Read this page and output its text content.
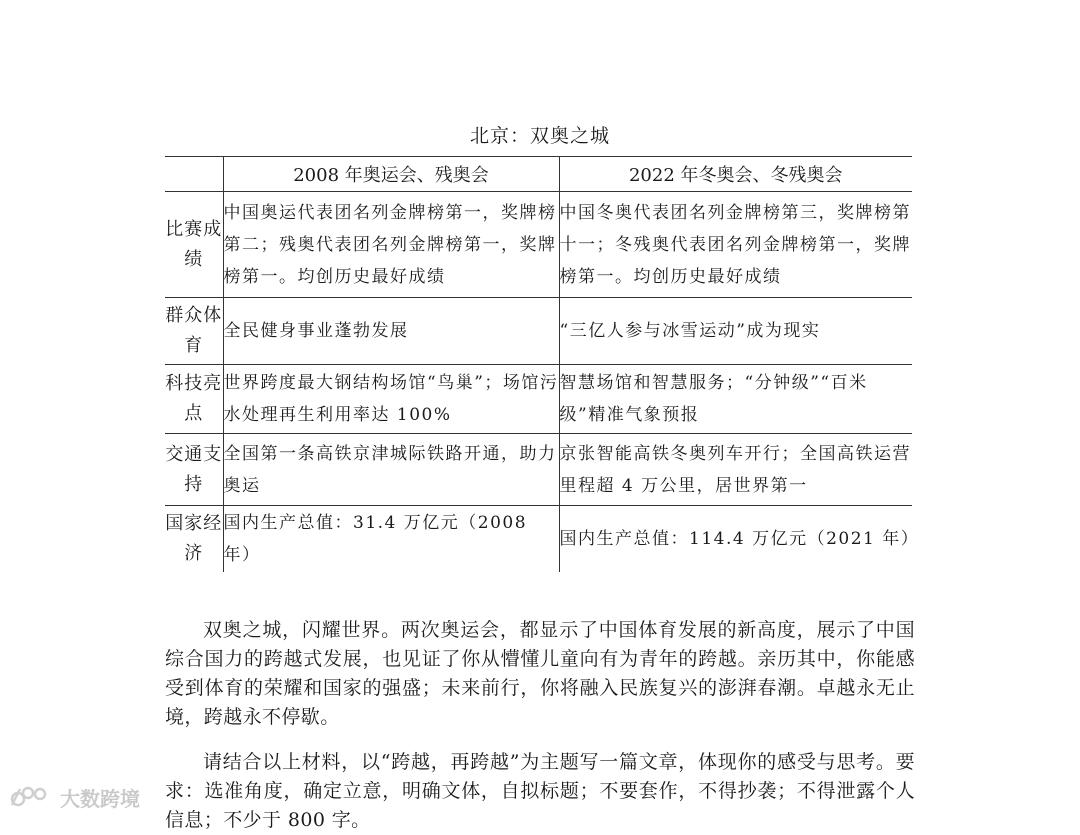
北京：双奥之城
	2008 年奥运会、残奥会	2022 年冬奥会、冬残奥会
比赛成绩	中国奥运代表团名列金牌榜第一，奖牌榜第二；残奥代表团名列金牌榜第一，奖牌榜第一。均创历史最好成绩	中国冬奥代表团名列金牌榜第三，奖牌榜第十一；冬残奥代表团名列金牌榜第一，奖牌榜第一。均创历史最好成绩
群众体育	全民健身事业蓬勃发展	“三亿人参与冰雪运动”成为现实
科技亮点	世界跨度最大钢结构场馆“鸟巢”；场馆污水处理再生利用率达 100%	智慧场馆和智慧服务；“分钟级”“百米级”精准气象预报
交通支持	全国第一条高铁京津城际铁路开通，助力奥运	京张智能高铁冬奥列车开行；全国高铁运营里程超 4 万公里，居世界第一
国家经济	国内生产总值：31.4 万亿元（2008 年）	国内生产总值：114.4 万亿元（2021 年）

双奥之城，闪耀世界。两次奥运会，都显示了中国体育发展的新高度，展示了中国综合国力的跨越式发展，也见证了你从懵懂儿童向有为青年的跨越。亲历其中，你能感受到体育的荣耀和国家的强盛；未来前行，你将融入民族复兴的澎湃春潮。卓越永无止境，跨越永不停歇。

请结合以上材料，以“跨越，再跨越”为主题写一篇文章，体现你的感受与思考。要求：选准角度，确定立意，明确文体，自拟标题；不要套作，不得抄袭；不得泄露个人信息；不少于 800 字。

大数跨境
